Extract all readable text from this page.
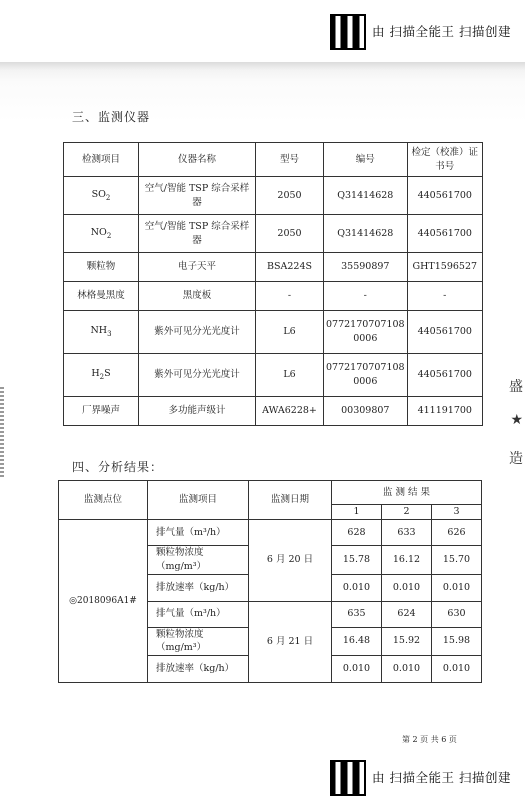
由 扫描全能王 扫描创建
三、监测仪器
检测项目	仪器名称	型号	编号	检定（校准）证书号
$SO_2$	空气/智能 TSP 综合采样器	2050	Q31414628	440561700
$NO_2$	空气/智能 TSP 综合采样器	2050	Q31414628	440561700
颗粒物	电子天平	BSA224S	35590897	GHT1596527
林格曼黑度	黑度板	-	-	-
$NH_3$	紫外可见分光光度计	L6	0772170707108 0006	440561700
$H_2S$	紫外可见分光光度计	L6	0772170707108 0006	440561700
厂界噪声	多功能声级计	AWA6228+	00309807	411191700
四、分析结果：
监测点位	监测项目	监测日期	监 测 结 果		
			1	2	3
◎2018096A1#	排气量（m³/h）	6 月 20 日	628	633	626
	颗粒物浓度（mg/m³）		15.78	16.12	15.70
	排放速率（kg/h）		0.010	0.010	0.010
	排气量（m³/h）	6 月 21 日	635	624	630
	颗粒物浓度（mg/m³）		16.48	15.92	15.98
	排放速率（kg/h）		0.010	0.010	0.010
盛
★
造
第 2 页 共 6 页
由 扫描全能王 扫描创建
